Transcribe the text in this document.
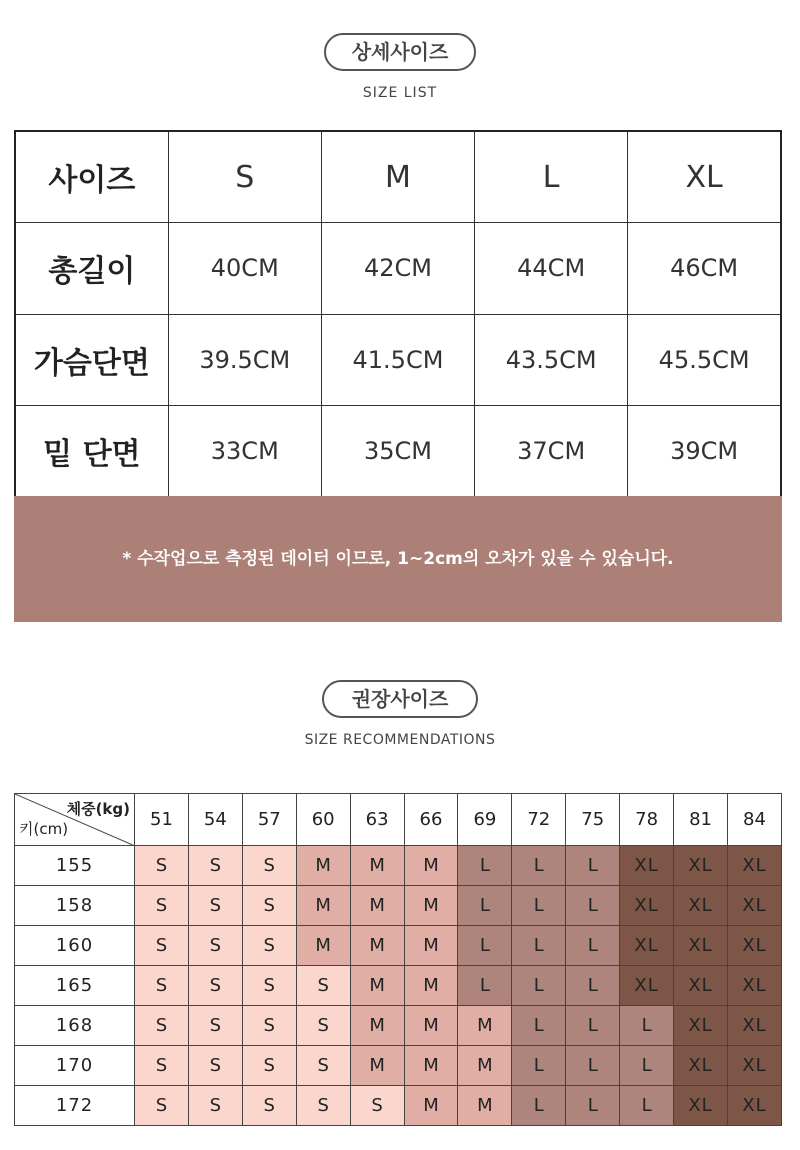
상세사이즈
SIZE LIST
사이즈	S	M	L	XL
총길이	40CM	42CM	44CM	46CM
가슴단면	39.5CM	41.5CM	43.5CM	45.5CM
밑 단면	33CM	35CM	37CM	39CM
* 수작업으로 측정된 데이터 이므로, 1~2cm의 오차가 있을 수 있습니다.
권장사이즈
SIZE RECOMMENDATIONS
체중(kg)
키(cm)	51	54	57	60	63	66	69	72	75	78	81	84
155	S	S	S	M	M	M	L	L	L	XL	XL	XL
158	S	S	S	M	M	M	L	L	L	XL	XL	XL
160	S	S	S	M	M	M	L	L	L	XL	XL	XL
165	S	S	S	S	M	M	L	L	L	XL	XL	XL
168	S	S	S	S	M	M	M	L	L	L	XL	XL
170	S	S	S	S	M	M	M	L	L	L	XL	XL
172	S	S	S	S	S	M	M	L	L	L	XL	XL
